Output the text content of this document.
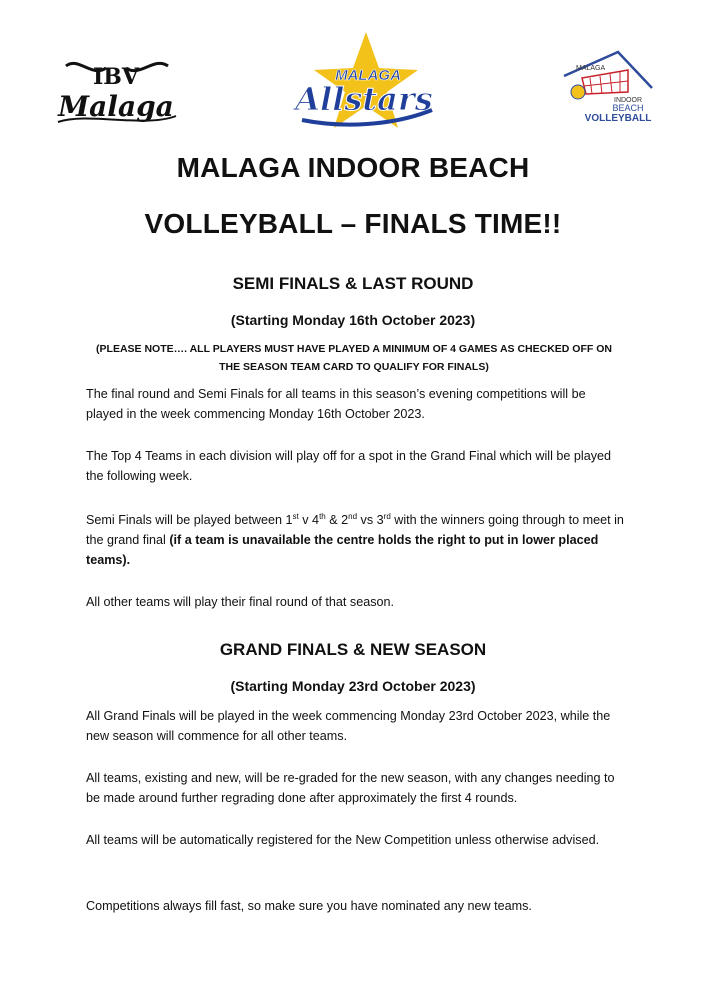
IBV
Malaga
MALAGA
Allstars
MALAGA
INDOOR
BEACH
VOLLEYBALL
MALAGA INDOOR BEACH
VOLLEYBALL – FINALS TIME!!
SEMI FINALS & LAST ROUND
(Starting Monday 16th October 2023)
(PLEASE NOTE…. ALL PLAYERS MUST HAVE PLAYED A MINIMUM OF 4 GAMES AS CHECKED OFF ON
THE SEASON TEAM CARD TO QUALIFY FOR FINALS)
The final round and Semi Finals for all teams in this season’s evening competitions will be played in the week commencing Monday 16th October 2023.
The Top 4 Teams in each division will play off for a spot in the Grand Final which will be played the following week.
Semi Finals will be played between 1st v 4th & 2nd vs 3rd with the winners going through to meet in the grand final (if a team is unavailable the centre holds the right to put in lower placed teams).
All other teams will play their final round of that season.
GRAND FINALS & NEW SEASON
(Starting Monday 23rd October 2023)
All Grand Finals will be played in the week commencing Monday 23rd October 2023, while the new season will commence for all other teams.
All teams, existing and new, will be re-graded for the new season, with any changes needing to be made around further regrading done after approximately the first 4 rounds.
All teams will be automatically registered for the New Competition unless otherwise advised.
Competitions always fill fast, so make sure you have nominated any new teams.
